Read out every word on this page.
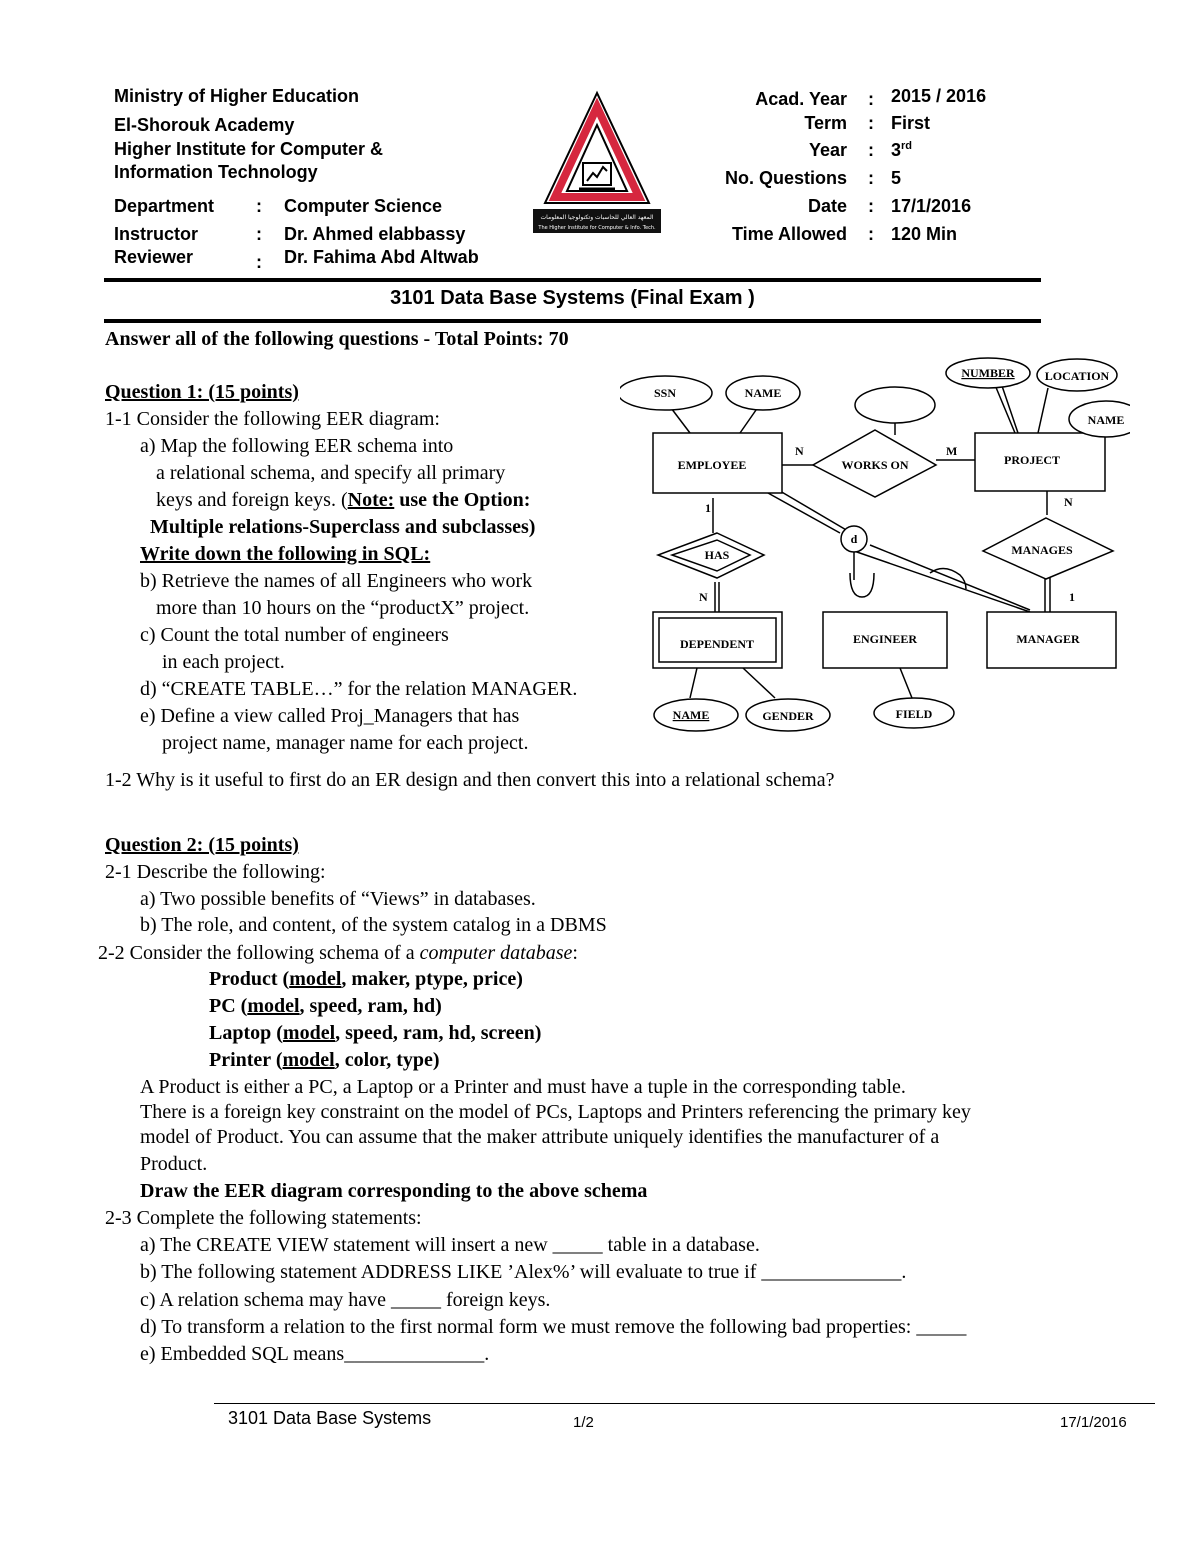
Ministry of Higher Education
El-Shorouk Academy
Higher Institute for Computer &
Information Technology
Department : Computer Science
Instructor	: Dr. Ahmed elabbassy
Reviewer	: Dr. Fahima Abd Altwab
المعهد العالي للحاسبات وتكنولوجيا المعلومات
The Higher Institute for Computer & Info. Tech.
Acad. Year : 2015 / 2016
Term : First
Year : 3rd
No. Questions : 5
Date : 17/1/2016
Time Allowed : 120 Min
3101 Data Base Systems (Final Exam )
Answer all of the following questions - Total Points: 70
Question 1: (15 points)
1-1 Consider the following EER diagram:
a) Map the following EER schema into
a relational schema, and specify all primary
keys and foreign keys. (Note: use the Option:
Multiple relations-Superclass and subclasses)
Write down the following in SQL:
b) Retrieve the names of all Engineers who work
more than 10 hours on the “productX” project.
c) Count the total number of engineers
in each project.
d) “CREATE TABLE…” for the relation MANAGER.
e) Define a view called Proj_Managers that has
project name, manager name for each project.
1-2 Why is it useful to first do an ER design and then convert this into a relational schema?
SSN	NAME
NUMBER	LOCATION
NAME
EMPLOYEE	PROJECT
WORKS ON
HAS	MANAGES
DEPENDENT	ENGINEER	MANAGER
NAME	GENDER	FIELD
d
N	M
1
N
N
1
Question 2: (15 points)
2-1 Describe the following:
a) Two possible benefits of “Views” in databases.
b) The role, and content, of the system catalog in a DBMS
2-2 Consider the following schema of a computer database:
Product (model, maker, ptype, price)
PC (model, speed, ram, hd)
Laptop (model, speed, ram, hd, screen)
Printer (model, color, type)
A Product is either a PC, a Laptop or a Printer and must have a tuple in the corresponding table.
There is a foreign key constraint on the model of PCs, Laptops and Printers referencing the primary key
model of Product. You can assume that the maker attribute uniquely identifies the manufacturer of a
Product.
Draw the EER diagram corresponding to the above schema
2-3 Complete the following statements:
a) The CREATE VIEW statement will insert a new _____ table in a database.
b) The following statement ADDRESS LIKE ’Alex%’ will evaluate to true if ______________.
c) A relation schema may have _____ foreign keys.
d) To transform a relation to the first normal form we must remove the following bad properties: _____
e) Embedded SQL means______________.
3101 Data Base Systems	1/2	17/1/2016
